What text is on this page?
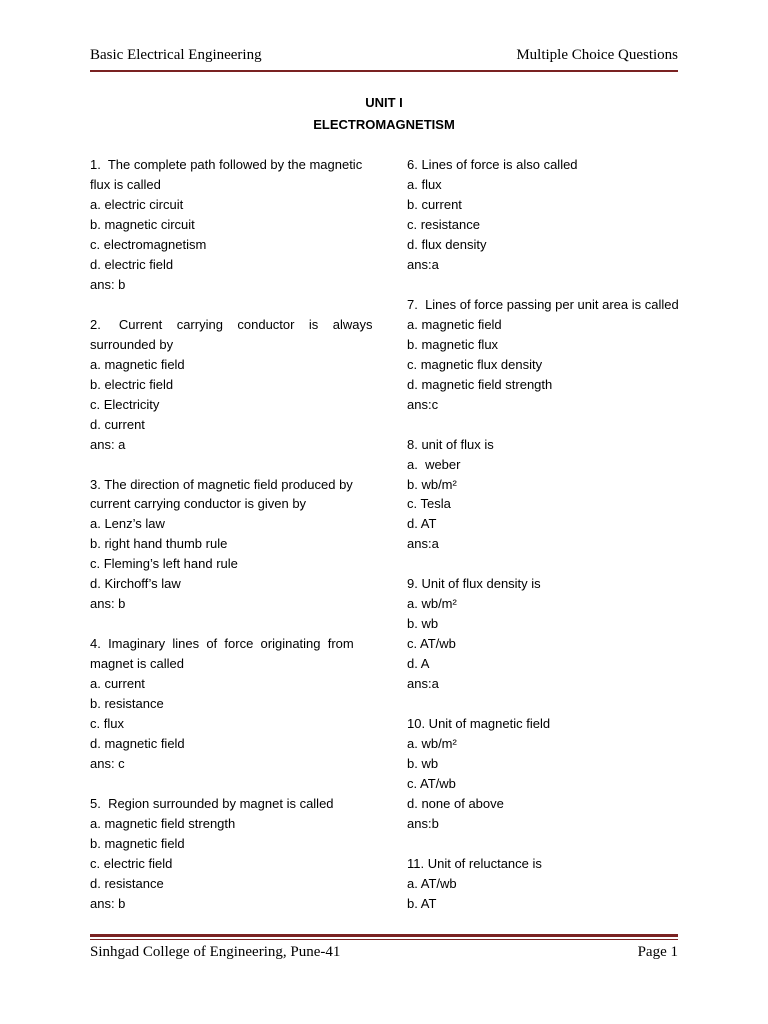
Basic Electrical Engineering	Multiple Choice Questions
UNIT I
ELECTROMAGNETISM
1.  The complete path followed by the magnetic
flux is called
a. electric circuit
b. magnetic circuit
c. electromagnetism
d. electric field
ans: b
2.     Current    carrying    conductor    is    always
surrounded by
a. magnetic field
b. electric field
c. Electricity
d. current
ans: a
3. The direction of magnetic field produced by
current carrying conductor is given by
a. Lenz’s law
b. right hand thumb rule
c. Fleming’s left hand rule
d. Kirchoff’s law
ans: b
4.  Imaginary  lines  of  force  originating  from
magnet is called
a. current
b. resistance
c. flux
d. magnetic field
ans: c
5.  Region surrounded by magnet is called
a. magnetic field strength
b. magnetic field
c. electric field
d. resistance
ans: b
6. Lines of force is also called
a. flux
b. current
c. resistance
d. flux density
ans:a
7.  Lines of force passing per unit area is called
a. magnetic field
b. magnetic flux
c. magnetic flux density
d. magnetic field strength
ans:c
8. unit of flux is
a.  weber
b. wb/m²
c. Tesla
d. AT
ans:a
9. Unit of flux density is
a. wb/m²
b. wb
c. AT/wb
d. A
ans:a
10. Unit of magnetic field
a. wb/m²
b. wb
c. AT/wb
d. none of above
ans:b
11. Unit of reluctance is
a. AT/wb
b. AT
Sinhgad College of Engineering, Pune-41	Page 1
